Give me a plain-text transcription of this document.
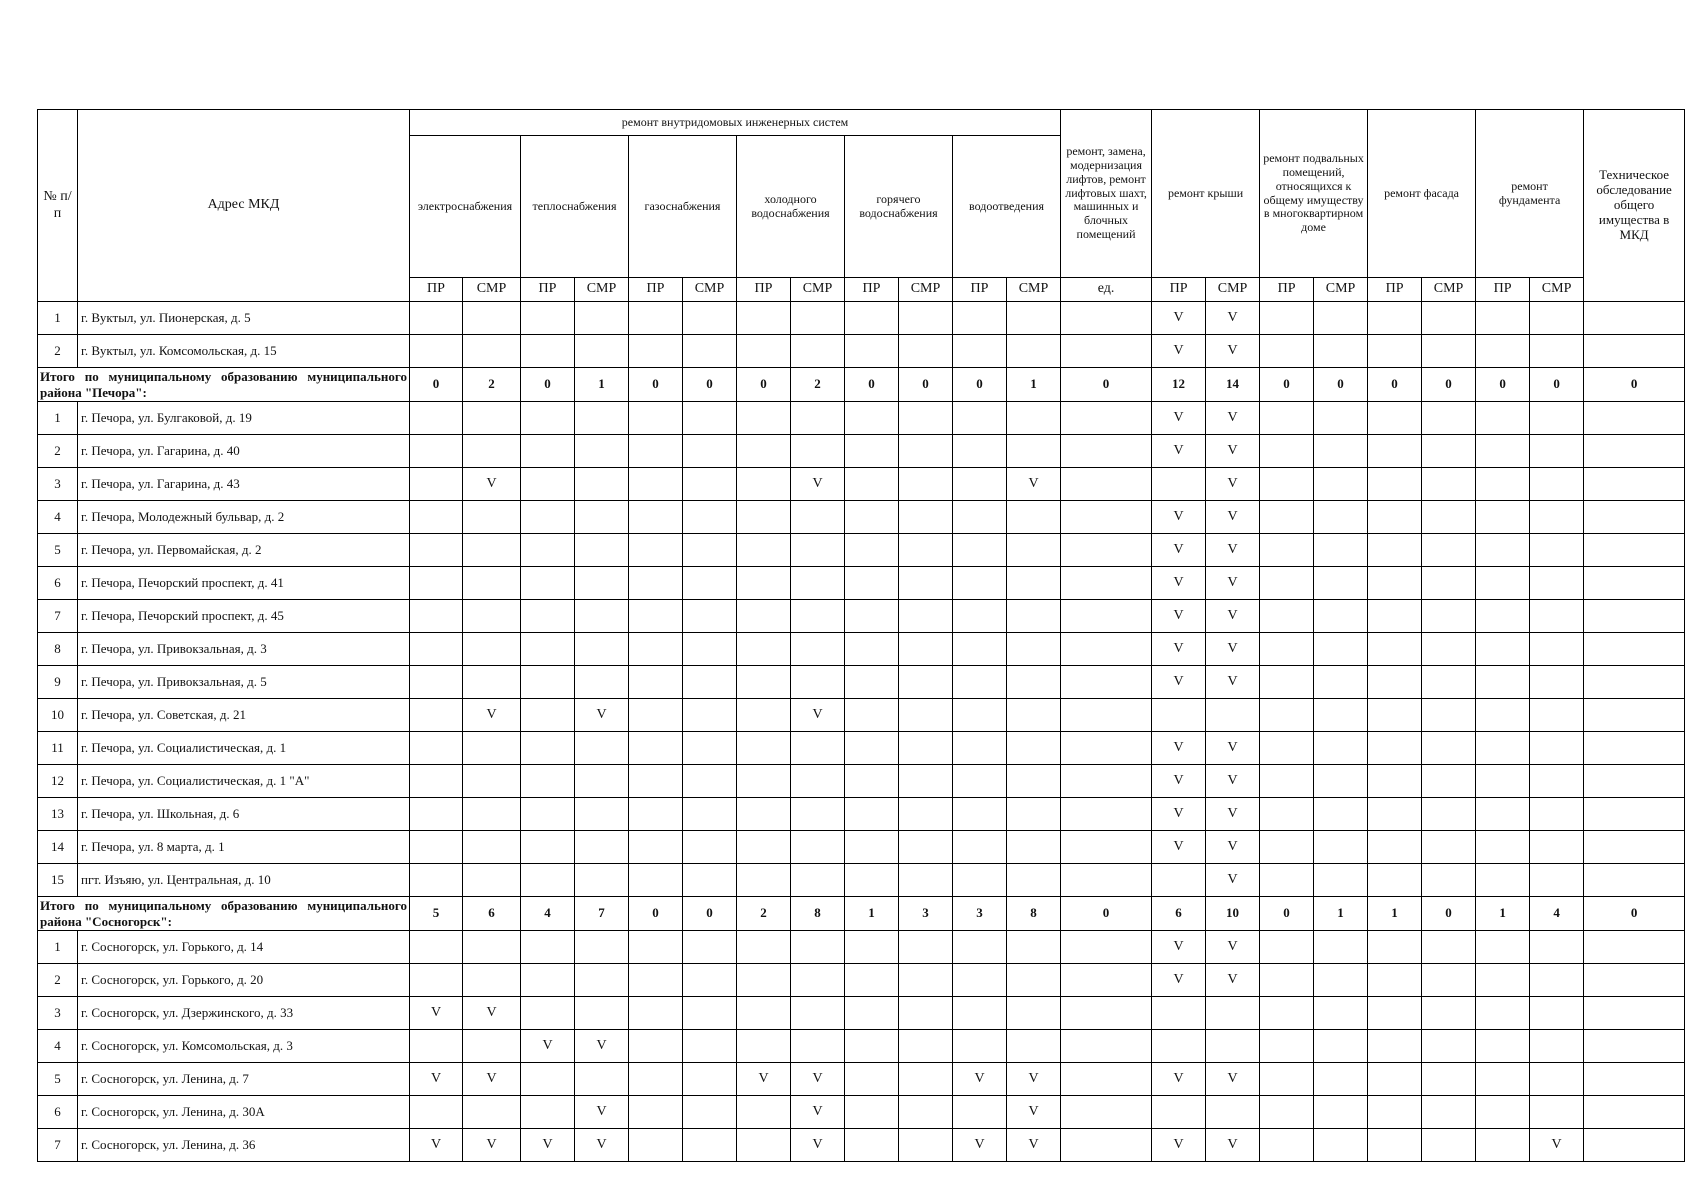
№ п/п	Адрес МКД	ремонт внутридомовых инженерных систем												ремонт, замена, модернизация лифтов, ремонт лифтовых шахт, машинных и блочных помещений	ремонт крыши		ремонт подвальных помещений, относящихся к общему имуществу в многоквартирном доме		ремонт фасада		ремонт фундамента		Техническое обследование общего имущества в МКД
		электроснабжения		теплоснабжения		газоснабжения		холодного водоснабжения		горячего водоснабжения		водоотведения											
		ПР	СМР	ПР	СМР	ПР	СМР	ПР	СМР	ПР	СМР	ПР	СМР	ед.	ПР	СМР	ПР	СМР	ПР	СМР	ПР	СМР	
1	г. Вуктыл, ул. Пионерская, д. 5														V	V							
2	г. Вуктыл, ул. Комсомольская, д. 15														V	V							
Итого по муниципальному образованию муниципального района "Печора":		0	2	0	1	0	0	0	2	0	0	0	1	0	12	14	0	0	0	0	0	0	0
1	г. Печора, ул. Булгаковой, д. 19														V	V							
2	г. Печора, ул. Гагарина, д. 40														V	V							
3	г. Печора, ул. Гагарина, д. 43		V						V				V			V							
4	г. Печора, Молодежный бульвар, д. 2														V	V							
5	г. Печора, ул. Первомайская, д. 2														V	V							
6	г. Печора, Печорский проспект, д. 41														V	V							
7	г. Печора, Печорский проспект, д. 45														V	V							
8	г. Печора, ул. Привокзальная, д. 3														V	V							
9	г. Печора, ул. Привокзальная, д. 5														V	V							
10	г. Печора, ул. Советская, д. 21		V		V				V														
11	г. Печора, ул. Социалистическая, д. 1														V	V							
12	г. Печора, ул. Социалистическая, д. 1 "А"														V	V							
13	г. Печора, ул. Школьная, д. 6														V	V							
14	г. Печора, ул. 8 марта, д. 1														V	V							
15	пгт. Изъяю, ул. Центральная, д. 10															V							
Итого по муниципальному образованию муниципального района "Сосногорск":		5	6	4	7	0	0	2	8	1	3	3	8	0	6	10	0	1	1	0	1	4	0
1	г. Сосногорск, ул. Горького, д. 14														V	V							
2	г. Сосногорск, ул. Горького, д. 20														V	V							
3	г. Сосногорск, ул. Дзержинского, д. 33	V	V																				
4	г. Сосногорск, ул. Комсомольская, д. 3			V	V																		
5	г. Сосногорск, ул. Ленина, д. 7	V	V					V	V			V	V		V	V							
6	г. Сосногорск, ул. Ленина, д. 30А				V				V				V										
7	г. Сосногорск, ул. Ленина, д. 36	V	V	V	V				V			V	V		V	V						V	
